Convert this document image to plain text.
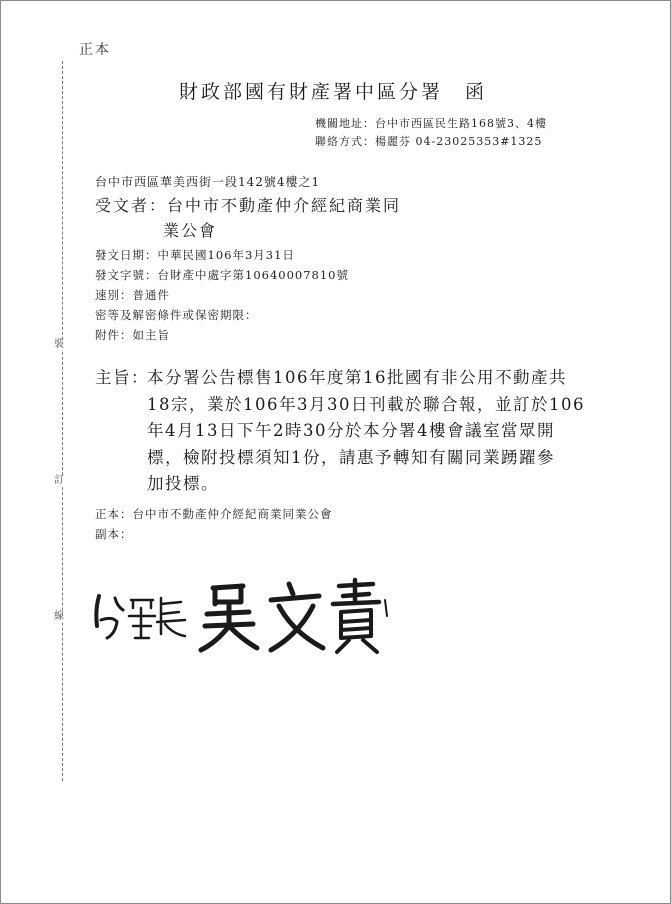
裝
訂
線
正本
財政部國有財產署中區分署 函
機關地址：台中市西區民生路168號3、4樓
聯絡方式：楊麗芬 04-23025353#1325
台中市西區華美西街一段142號4樓之1
受文者：台中市不動產仲介經紀商業同
業公會
發文日期：中華民國106年3月31日
發文字號：台財產中處字第10640007810號
速別：普通件
密等及解密條件或保密期限：
附件：如主旨
主旨：本分署公告標售106年度第16批國有非公用不動產共
18宗，業於106年3月30日刊載於聯合報，並訂於106
年4月13日下午2時30分於本分署4樓會議室當眾開
標，檢附投標須知1份，請惠予轉知有關同業踴躍參
加投標。
正本：台中市不動產仲介經紀商業同業公會
副本：
